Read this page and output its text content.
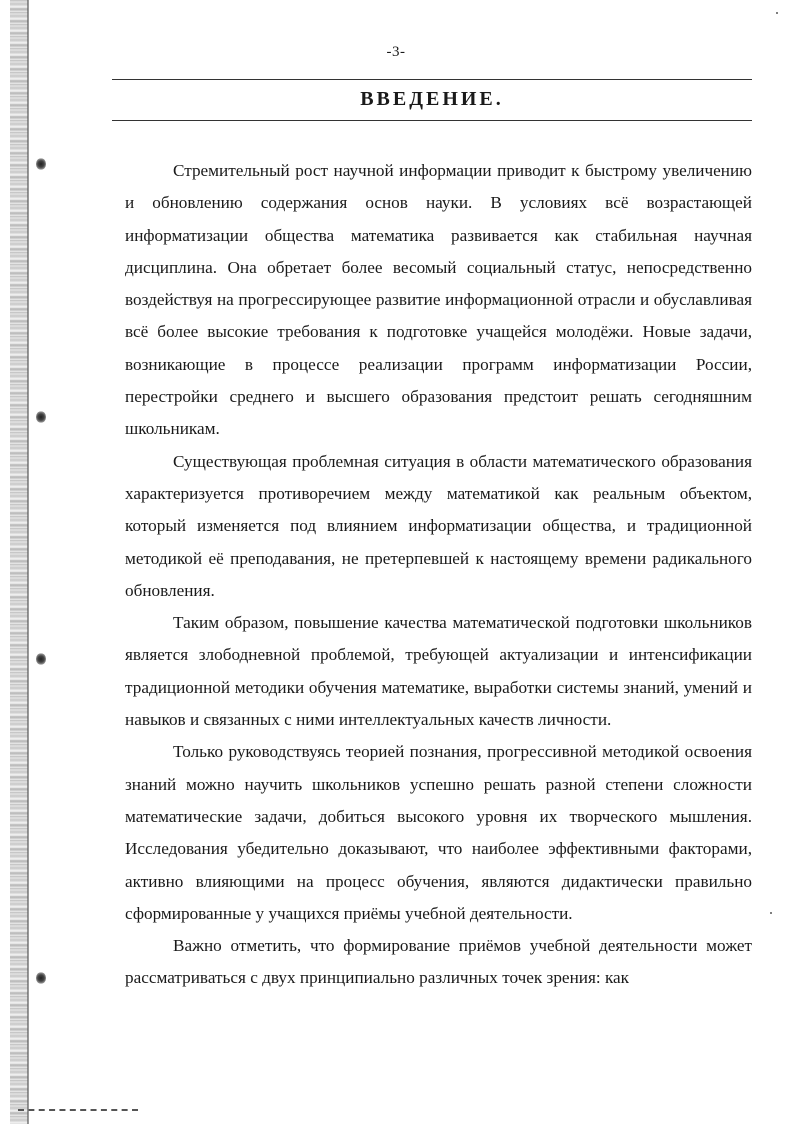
-3-
ВВЕДЕНИЕ.

Стремительный рост научной информации приводит к быстрому увеличению и обновлению содержания основ науки. В условиях всё возрастающей информатизации общества математика развивается как стабильная научная дисциплина. Она обретает более весомый социальный статус, непосредственно воздействуя на прогрессирующее развитие информационной отрасли и обуславливая всё более высокие требования к подготовке учащейся молодёжи. Новые задачи, возникающие в процессе реализации программ информатизации России, перестройки среднего и высшего образования предстоит решать сегодняшним школьникам.

Существующая проблемная ситуация в области математического образования характеризуется противоречием между математикой как реальным объектом, который изменяется под влиянием информатизации общества, и традиционной методикой её преподавания, не претерпевшей к настоящему времени радикального обновления.

Таким образом, повышение качества математической подготовки школьников является злободневной проблемой, требующей актуализации и интенсификации традиционной методики обучения математике, выработки системы знаний, умений и навыков и связанных с ними интеллектуальных качеств личности.

Только руководствуясь теорией познания, прогрессивной методикой освоения знаний можно научить школьников успешно решать разной степени сложности математические задачи, добиться высокого уровня их творческого мышления. Исследования убедительно доказывают, что наиболее эффективными факторами, активно влияющими на процесс обучения, являются дидактически правильно сформированные у учащихся приёмы учебной деятельности.

Важно отметить, что формирование приёмов учебной деятельности может рассматриваться с двух принципиально различных точек зрения: как
